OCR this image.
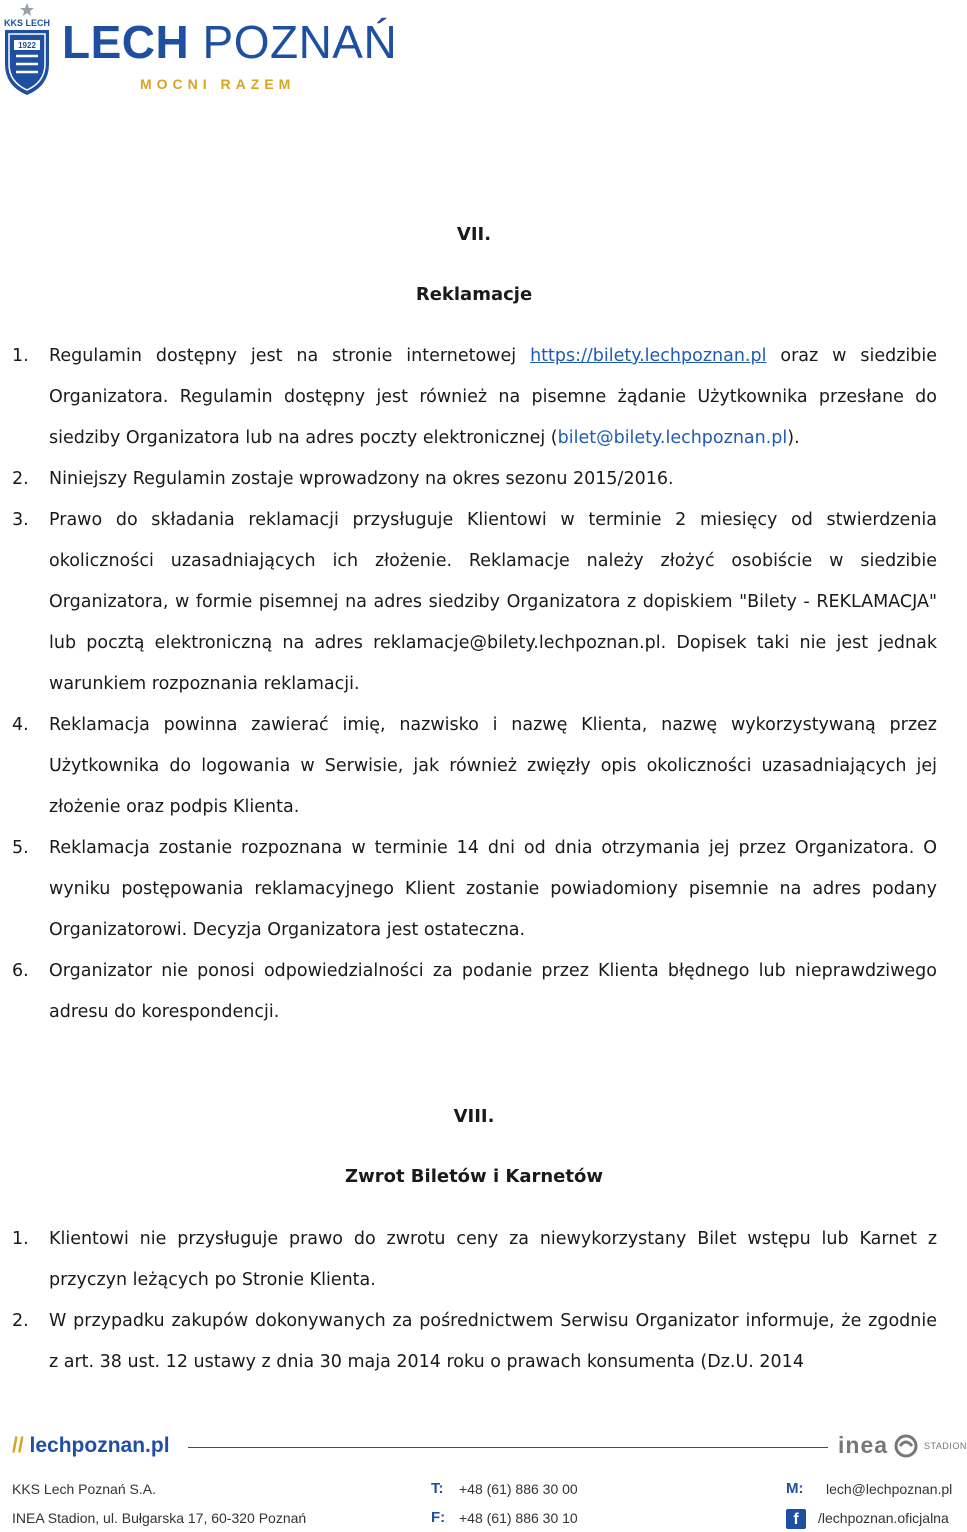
KKS LECH
1922 LECH POZNAŃ
MOCNI RAZEM
VII.
Reklamacje
1. Regulamin dostępny jest na stronie internetowej https://bilety.lechpoznan.pl oraz w siedzibie Organizatora. Regulamin dostępny jest również na pisemne żądanie Użytkownika przesłane do siedziby Organizatora lub na adres poczty elektronicznej (bilet@bilety.lechpoznan.pl).
2. Niniejszy Regulamin zostaje wprowadzony na okres sezonu 2015/2016.
3. Prawo do składania reklamacji przysługuje Klientowi w terminie 2 miesięcy od stwierdzenia okoliczności uzasadniających ich złożenie. Reklamacje należy złożyć osobiście w siedzibie Organizatora, w formie pisemnej na adres siedziby Organizatora z dopiskiem "Bilety - REKLAMACJA" lub pocztą elektroniczną na adres reklamacje@bilety.lechpoznan.pl. Dopisek taki nie jest jednak warunkiem rozpoznania reklamacji.
4. Reklamacja powinna zawierać imię, nazwisko i nazwę Klienta, nazwę wykorzystywaną przez Użytkownika do logowania w Serwisie, jak również zwięzły opis okoliczności uzasadniających jej złożenie oraz podpis Klienta.
5. Reklamacja zostanie rozpoznana w terminie 14 dni od dnia otrzymania jej przez Organizatora. O wyniku postępowania reklamacyjnego Klient zostanie powiadomiony pisemnie na adres podany Organizatorowi. Decyzja Organizatora jest ostateczna.
6. Organizator nie ponosi odpowiedzialności za podanie przez Klienta błędnego lub nieprawdziwego adresu do korespondencji.
VIII.
Zwrot Biletów i Karnetów
1. Klientowi nie przysługuje prawo do zwrotu ceny za niewykorzystany Bilet wstępu lub Karnet z przyczyn leżących po Stronie Klienta.
2. W przypadku zakupów dokonywanych za pośrednictwem Serwisu Organizator informuje, że zgodnie z art. 38 ust. 12 ustawy z dnia 30 maja 2014 roku o prawach konsumenta (Dz.U. 2014
// lechpoznan.pl	inea	STADION
KKS Lech Poznań S.A.
INEA Stadion, ul. Bułgarska 17, 60-320 Poznań
T: +48 (61) 886 30 00
F: +48 (61) 886 30 10
M: lech@lechpoznan.pl
f	/lechpoznan.oficjalna
